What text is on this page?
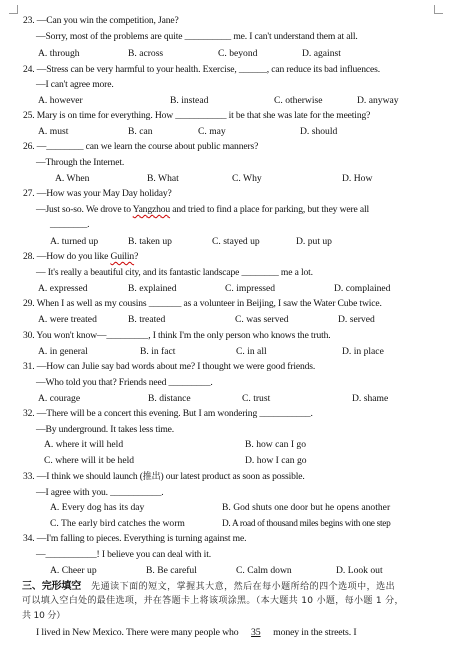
23. —Can you win the competition, Jane?
—Sorry, most of the problems are quite __________ me. I can't understand them at all.
A. through	B. across	C. beyond	D. against
24. —Stress can be very harmful to your health. Exercise, ______, can reduce its bad influences.
—I can't agree more.
A. however	B. instead	C. otherwise	D. anyway
25. Mary is on time for everything. How ___________ it be that she was late for the meeting?
A. must	B. can	C. may	D. should
26. —________ can we learn the course about public manners?
—Through the Internet.
A. When	B. What	C. Why	D. How
27. —How was your May Day holiday?
—Just so-so. We drove to Yangzhou and tried to find a place for parking, but they were all
________.
A. turned up	B. taken up	C. stayed up	D. put up
28. —How do you like Guilin?
— It's really a beautiful city, and its fantastic landscape ________ me a lot.
A. expressed	B. explained	C. impressed	D. complained
29. When I as well as my cousins _______ as a volunteer in Beijing, I saw the Water Cube twice.
A. were treated	B. treated	C. was served	D. served
30. You won't know—_________, I think I'm the only person who knows the truth.
A. in general	B. in fact	C. in all	D. in place
31. —How can Julie say bad words about me? I thought we were good friends.
—Who told you that? Friends need _________.
A. courage	B. distance	C. trust	D. shame
32. —There will be a concert this evening. But I am wondering ___________.
—By underground. It takes less time.
A. where it will held	B. how can I go
C. where will it be held	D. how I can go
33. —I think we should launch (推出) our latest product as soon as possible.
—I agree with you. ___________.
A. Every dog has its day	B. God shuts one door but he opens another
C. The early bird catches the worm	D. A road of thousand miles begins with one step
34. —I'm falling to pieces. Everything is turning against me.
—___________! I believe you can deal with it.
A. Cheer up	B. Be careful	C. Calm down	D. Look out
三、完形填空 先通读下面的短文，掌握其大意，然后在每小题所给的四个选项中，选出
可以填入空白处的最佳选项，并在答题卡上将该项涂黑。（本大题共 10 小题，每小题 1 分，
共 10 分）
I lived in New Mexico. There were many people who 35 money in the streets. I
